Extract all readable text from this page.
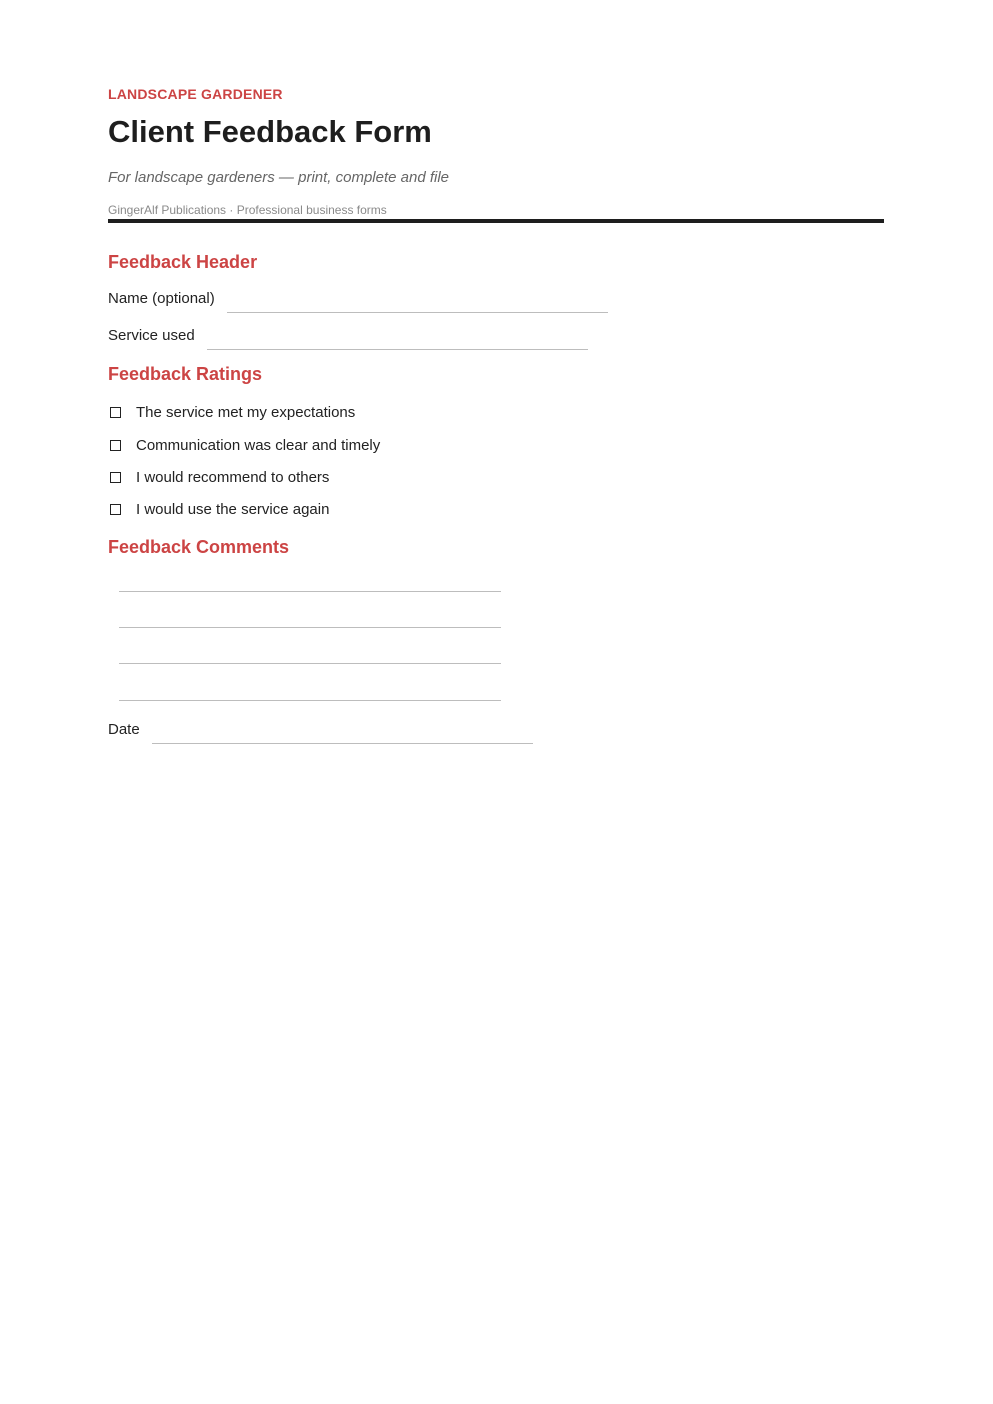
LANDSCAPE GARDENER
Client Feedback Form
For landscape gardeners — print, complete and file
GingerAlf Publications · Professional business forms
Feedback Header
Name (optional)
Service used
Feedback Ratings
The service met my expectations
Communication was clear and timely
I would recommend to others
I would use the service again
Feedback Comments
Date
